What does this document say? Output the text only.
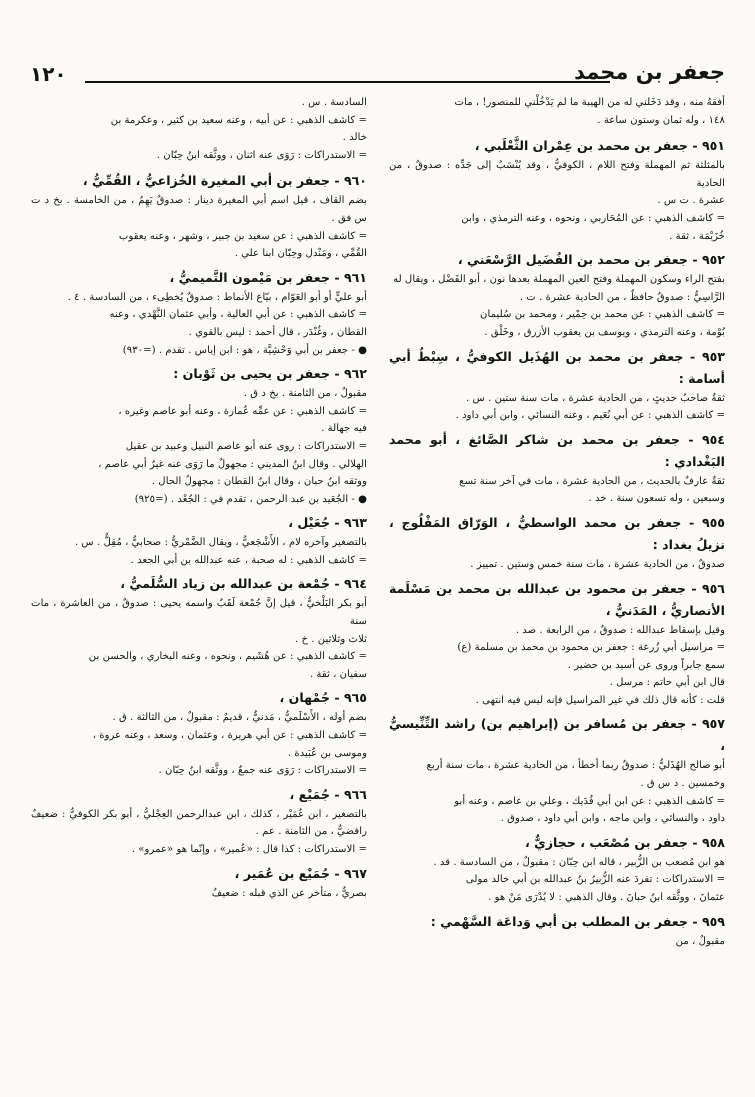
جعفر بن محمد
١٢٠
أفقهُ منه ، وقد دَخَلني له من الهيبة ما لم يَدْخُلْني للمنصور! ، مات
١٤٨ ، وله ثمان وستون ساعة .
٩٥١ - جعفر بن محمد بن عِمْران الثَّعْلَبي ،
بالمثلثة ثم المهملة وفتح اللام ، الكوفيُّ ، وقد يُنْسَبُ إلى جَدِّه : صدوقٌ ، من الحادية
عشرة . ت س .
= كاشف الذهبي : عن المُحَاربي ، ونحوه ، وعنه الترمذي ، وابن
خُزَيْمَة ، ثقة .
٩٥٢ - جعفر بن محمد بن الفُضَيل الرَّسْعَني ،
بفتح الراء وسكون المهملة وفتح العين المهملة بعدها نون ، أبو الفَضْل ، ويقال له
الرَّاسِيُّ : صدوقٌ حافظٌ ، من الحادية عشرة . ت .
= كاشف الذهبي : عن محمد بن حِمْير ، ومحمد بن سُليمان
بُوْمة ، وعنه الترمذي ، ويوسف بن يعقوب الأزرق ، وخَلْق .
٩٥٣ - جعفر بن محمد بن الهُذَيل الكوفيُّ ، سِبْطُ أبي أسامة :
ثقةٌ صاحبُ حديثٍ ، من الحادية عشرة ، مات سنة ستين . س .
= كاشف الذهبي : عن أبي نُعَيم ، وعنه النسائي ، وابن أبي داود .
٩٥٤ - جعفر بن محمد بن شاكر الصَّائغ ، أبو محمد البَغْدادي :
ثقةٌ عارفٌ بالحديث ، من الحادية عشرة ، مات في آخر سنة تسع
وسبعين ، وله تسعون سنة . خد .
٩٥٥ - جعفر بن محمد الواسطيُّ ، الوَرّاق المَفْلُوج ، نزيلُ بغداد :
صدوقٌ ، من الحادية عشرة ، مات سنة خمس وستين . تمييز .
٩٥٦ - جعفر بن محمود بن عبدالله بن محمد بن مَسْلَمة الأنصاريُّ ، المَدَنيُّ ،
وقيل بإسقاط عبدالله : صدوقٌ ، من الرابعة . صد .
= مراسيل أبي زُرعة : جعفر بن محمود بن محمد بن مسلمة (ع)
سمع جابراً وروى عن أسيد بن حضير .
قال ابن أبي حاتم : مرسل .
قلت : كأنه قال ذلك في غير المراسيل فإنه ليس فيه انتهى .
٩٥٧ - جعفر بن مُسافر بن (إبراهيم بن) راشد التِّنِّيسيُّ ،
أبو صالح الهُذَليُّ : صدوقٌ ربما أخطأ ، من الحادية عشرة ، مات سنة أربع
وخمسين . د س ق .
= كاشف الذهبي : عن ابن أبي فُدَيك ، وعلي بن عاصم ، وعنه أبو
داود ، والنسائي ، وابن ماجه ، وابن أبي داود ، صدوق .
٩٥٨ - جعفر بن مُصْعَب ، حجازيٌّ ،
هو ابن مُصعب بن الزُّبير ، قاله ابن حِبّان : مقبولٌ ، من السادسة . قد .
= الاستدراكات : تفردَ عنه الزُّبيرُ بنُ عبدالله بن أبي خالد مولى
عثمانَ ، ووثَّقه ابنُ حبانَ . وقال الذهبي : لا يُدْرَى مَنْ هو .
٩٥٩ - جعفر بن المطلب بن أبي وَداعَة السَّهْمي :
مقبولٌ ، من
السادسة . س .
= كاشف الذهبي : عن أبيه ، وعنه سعيد بن كثير ، وعكرمة بن
خالد .
= الاستدراكات : رَوَى عنه اثنان ، ووثَّقه ابنُ حِبّان .
٩٦٠ - جعفر بن أبي المغيرة الخُزاعيُّ ، القُمِّيُّ ،
بضم القاف ، قيل اسم أبي المغيرة دينار : صدوقٌ يَهِمُ ، من الخامسة . بخ د ت س فق .
= كاشف الذهبي : عن سعيد بن جبير ، وشهر ، وعنه يعقوب
القُمِّي ، ومَنْدل وحِبّان ابنا علي .
٩٦١ - جعفر بن مَيْمون التَّميميُّ ،
أبو عليٍّ أو أبو العَوّام ، بيّاع الأنماط : صدوقٌ يُخطِىء ، من السادسة . ٤ .
= كاشف الذهبي : عن أبي العالية ، وأبي عثمان النَّهْدي ، وعنه
القطان ، وغُنْدَر ، قال أحمد : ليس بالقوي .
● - جعفر بن أبي وَحْشِيَّة ، هو : ابن إياس . تقدم . (=٩٣٠)
٩٦٢ - جعفر بن يحيى بن ثَوْبان :
مقبولٌ ، من الثامنة . بخ د ق .
= كاشف الذهبي : عن عمِّه عُمارة ، وعنه أبو عاصم وغيره ،
فيه جهالة .
= الاستدراكات : روى عنه أبو عاصم النبيل وعبيد بن عقيل
الهلالي . وقال ابنُ المديني : مجهولٌ ما رَوَى عنه غيرُ أبي عاصم ،
ووثقه ابنُ حبان ، وقال ابنُ القطان : مجهولُ الحال .
● - الجُعَيد بن عبد الرحمن ، تقدم في : الجُعْد . (=٩٢٥)
٩٦٣ - جُعَيْل ،
بالتصغير وآخره لام ، الأَشْجَعيُّ ، ويقال الضَّمْريُّ : صحابيٌّ ، مُقِلٌّ . س .
= كاشف الذهبي : له صحبة ، عنه عبدالله بن أبي الجعد .
٩٦٤ - جُمْعة بن عبدالله بن زياد السُّلَميُّ ،
أبو بكر البَلْخيُّ ، قيل إنَّ جُمْعة لَقَبٌ واسمه يحيى : صدوقٌ ، من العاشرة ، مات سنة
ثلاث وثلاثين . خ .
= كاشف الذهبي : عن هُشَيم ، ونحوه ، وعنه البخاري ، والحسن بن
سفيان ، ثقة .
٩٦٥ - جُمْهان ،
بضم أوله ، الأَسْلَميُّ ، مَدنيٌّ ، قديمٌ : مقبولٌ ، من الثالثة . ق .
= كاشف الذهبي : عن أبي هريرة ، وعثمان ، وسعد ، وعنه عروة ،
وموسى بن عُبَيدة .
= الاستدراكات : رَوَى عنه جمعٌ ، ووثَّقه ابنُ حِبّان .
٩٦٦ - جُمَيْع ،
بالتصغير ، ابن عُمَيْر ، كذلك ، ابن عبدالرحمن العِجْليُّ ، أبو بكر الكوفيُّ : ضعيفٌ رافضيٌّ ، من الثامنة . عم .
= الاستدراكات : كذا قال : «عُمير» ، وإنّما هو «عمرو» .
٩٦٧ - جُمَيْع بن عُمَير ،
بصريٌّ ، متأخر عن الذي قبله : ضعيفٌ
